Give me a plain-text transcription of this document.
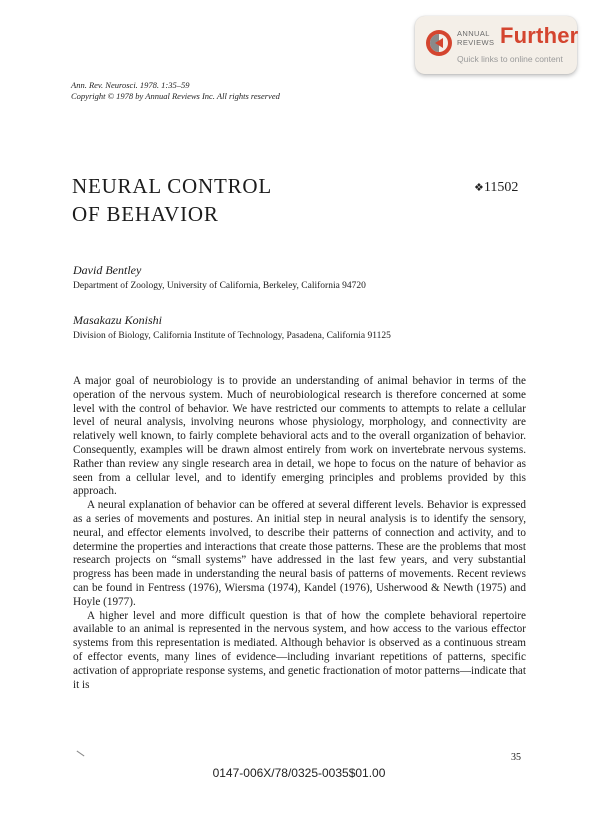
ANNUAL
REVIEWS Further
Quick links to online content
Ann. Rev. Neurosci. 1978. 1:35–59
Copyright © 1978 by Annual Reviews Inc. All rights reserved
NEURAL CONTROL
OF BEHAVIOR
❖11502
David Bentley
Department of Zoology, University of California, Berkeley, California 94720
Masakazu Konishi
Division of Biology, California Institute of Technology, Pasadena, California 91125

A major goal of neurobiology is to provide an understanding of animal behavior in terms of the operation of the nervous system. Much of neurobiological research is therefore concerned at some level with the control of behavior. We have restricted our comments to attempts to relate a cellular level of neural analysis, involving neurons whose physiology, morphology, and connectivity are relatively well known, to fairly complete behavioral acts and to the overall organization of behavior. Consequently, examples will be drawn almost entirely from work on invertebrate nervous systems. Rather than review any single research area in detail, we hope to focus on the nature of behavior as seen from a cellular level, and to identify emerging principles and problems provided by this approach.

A neural explanation of behavior can be offered at several different levels. Behavior is expressed as a series of movements and postures. An initial step in neural analysis is to identify the sensory, neural, and effector elements involved, to describe their patterns of connection and activity, and to determine the properties and interactions that create those patterns. These are the problems that most research projects on “small systems” have addressed in the last few years, and very substantial progress has been made in understanding the neural basis of patterns of movements. Recent reviews can be found in Fentress (1976), Wiersma (1974), Kandel (1976), Usherwood & Newth (1975) and Hoyle (1977).

A higher level and more difficult question is that of how the complete behavioral repertoire available to an animal is represented in the nervous system, and how access to the various effector systems from this representation is mediated. Although behavior is observed as a continuous stream of effector events, many lines of evidence—including invariant repetitions of patterns, specific activation of appropriate response systems, and genetic fractionation of motor patterns—indicate that it is

35
0147-006X/78/0325-0035$01.00
